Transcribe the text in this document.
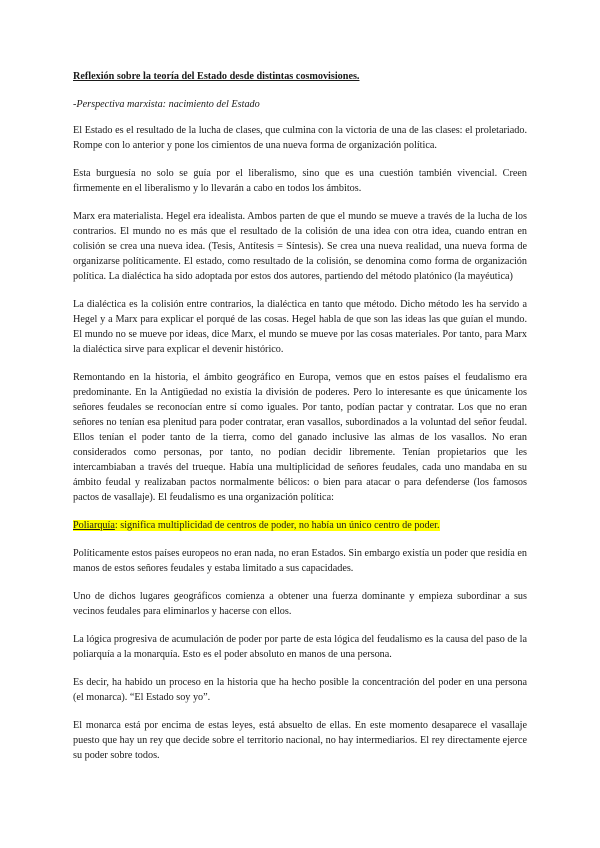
Reflexión sobre la teoría del Estado desde distintas cosmovisiones.
-Perspectiva marxista: nacimiento del Estado

El Estado es el resultado de la lucha de clases, que culmina con la victoria de una de las clases: el proletariado. Rompe con lo anterior y pone los cimientos de una nueva forma de organización política.

Esta burguesía no solo se guía por el liberalismo, sino que es una cuestión también vivencial. Creen firmemente en el liberalismo y lo llevarán a cabo en todos los ámbitos.

Marx era materialista. Hegel era idealista. Ambos parten de que el mundo se mueve a través de la lucha de los contrarios. El mundo no es más que el resultado de la colisión de una idea con otra idea, cuando entran en colisión se crea una nueva idea. (Tesis, Antítesis = Síntesis). Se crea una nueva realidad, una nueva forma de organizarse políticamente. El estado, como resultado de la colisión, se denomina como forma de organización política. La dialéctica ha sido adoptada por estos dos autores, partiendo del método platónico (la mayéutica)

La dialéctica es la colisión entre contrarios, la dialéctica en tanto que método. Dicho método les ha servido a Hegel y a Marx para explicar el porqué de las cosas. Hegel habla de que son las ideas las que guían el mundo. El mundo no se mueve por ideas, dice Marx, el mundo se mueve por las cosas materiales. Por tanto, para Marx la dialéctica sirve para explicar el devenir histórico.

Remontando en la historia, el ámbito geográfico en Europa, vemos que en estos países el feudalismo era predominante. En la Antigüedad no existía la división de poderes. Pero lo interesante es que únicamente los señores feudales se reconocían entre sí como iguales. Por tanto, podían pactar y contratar. Los que no eran señores no tenían esa plenitud para poder contratar, eran vasallos, subordinados a la voluntad del señor feudal. Ellos tenían el poder tanto de la tierra, como del ganado inclusive las almas de los vasallos. No eran considerados como personas, por tanto, no podían decidir libremente. Tenían propietarios que les intercambiaban a través del trueque. Había una multiplicidad de señores feudales, cada uno mandaba en su ámbito feudal y realizaban pactos normalmente bélicos: o bien para atacar o para defenderse (los famosos pactos de vasallaje). El feudalismo es una organización política:

Poliarquía: significa multiplicidad de centros de poder, no había un único centro de poder.

Políticamente estos países europeos no eran nada, no eran Estados. Sin embargo existía un poder que residía en manos de estos señores feudales y estaba limitado a sus capacidades.

Uno de dichos lugares geográficos comienza a obtener una fuerza dominante y empieza subordinar a sus vecinos feudales para eliminarlos y hacerse con ellos.

La lógica progresiva de acumulación de poder por parte de esta lógica del feudalismo es la causa del paso de la poliarquía a la monarquía. Esto es el poder absoluto en manos de una persona.

Es decir, ha habido un proceso en la historia que ha hecho posible la concentración del poder en una persona (el monarca). “El Estado soy yo”.

El monarca está por encima de estas leyes, está absuelto de ellas. En este momento desaparece el vasallaje puesto que hay un rey que decide sobre el territorio nacional, no hay intermediarios. El rey directamente ejerce su poder sobre todos.
